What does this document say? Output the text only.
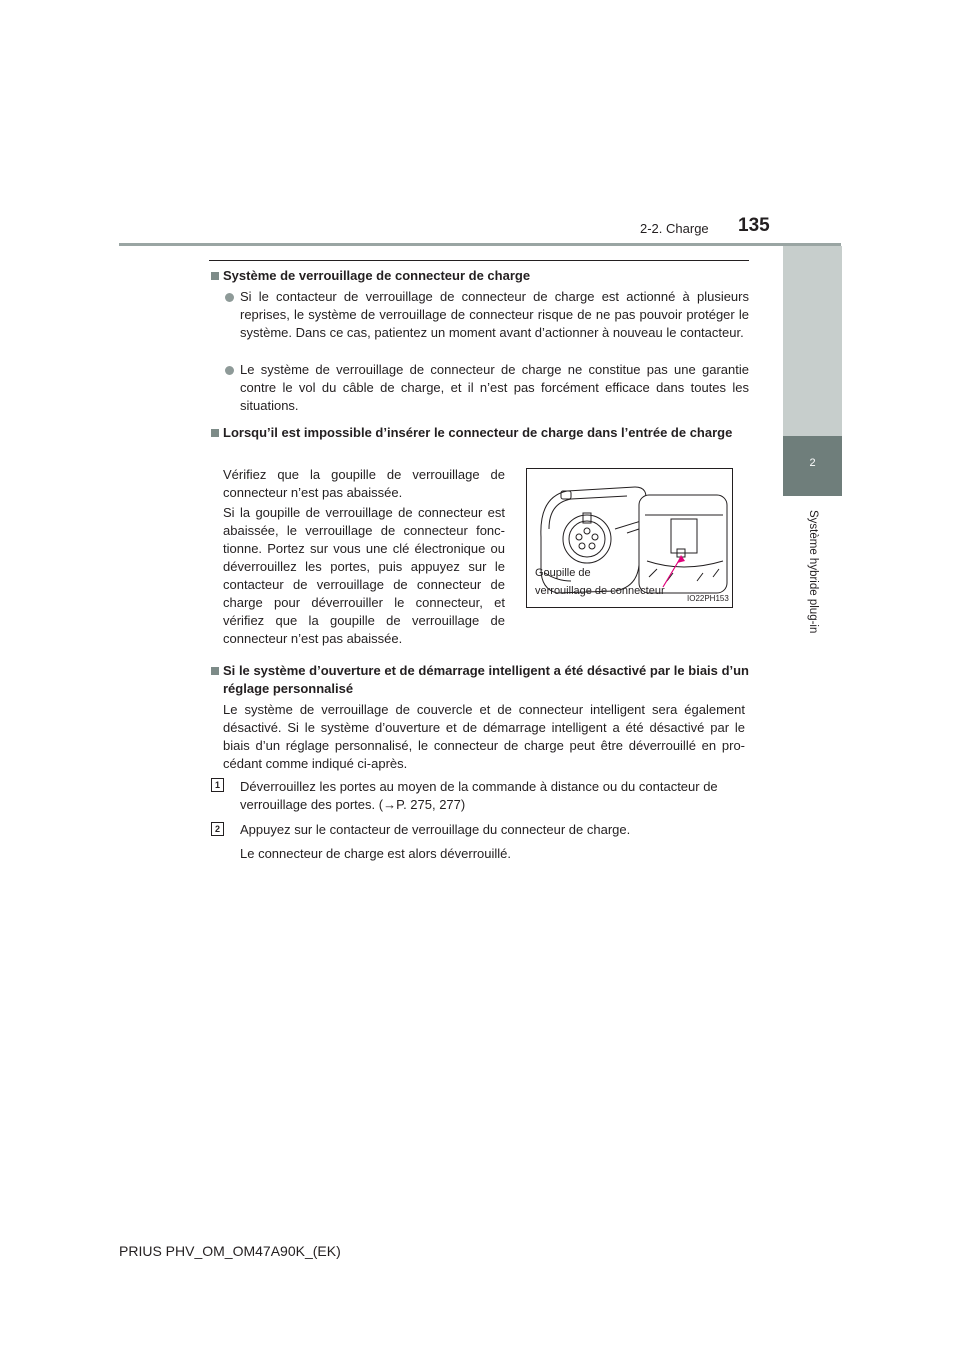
2-2. Charge 135
2
Système hybride plug-in
Système de verrouillage de connecteur de charge
Si le contacteur de verrouillage de connecteur de charge est actionné à plusieurs reprises, le système de verrouillage de connecteur risque de ne pas pouvoir protéger le système. Dans ce cas, patientez un moment avant d’actionner à nouveau le contacteur.
Le système de verrouillage de connecteur de charge ne constitue pas une garantie contre le vol du câble de charge, et il n’est pas forcément efficace dans toutes les situations.
Lorsqu’il est impossible d’insérer le connecteur de charge dans l’entrée de charge
Vérifiez que la goupille de verrouillage de connecteur n’est pas abaissée.
Si la goupille de verrouillage de connecteur est abaissée, le verrouillage de connecteur fonc-tionne. Portez sur vous une clé électronique ou déverrouillez les portes, puis appuyez sur le contacteur de verrouillage de connecteur de charge pour déverrouiller le connecteur, et vérifiez que la goupille de verrouillage de connecteur n’est pas abaissée.
Goupille de
verrouillage de connecteur
IO22PH153
Si le système d’ouverture et de démarrage intelligent a été désactivé par le biais d’un réglage personnalisé
Le système de verrouillage de couvercle et de connecteur intelligent sera également désactivé. Si le système d’ouverture et de démarrage intelligent a été désactivé par le biais d’un réglage personnalisé, le connecteur de charge peut être déverrouillé en pro-cédant comme indiqué ci-après.
1	Déverrouillez les portes au moyen de la commande à distance ou du contacteur de verrouillage des portes. (→P. 275, 277)
2	Appuyez sur le contacteur de verrouillage du connecteur de charge.
Le connecteur de charge est alors déverrouillé.
PRIUS PHV_OM_OM47A90K_(EK)
